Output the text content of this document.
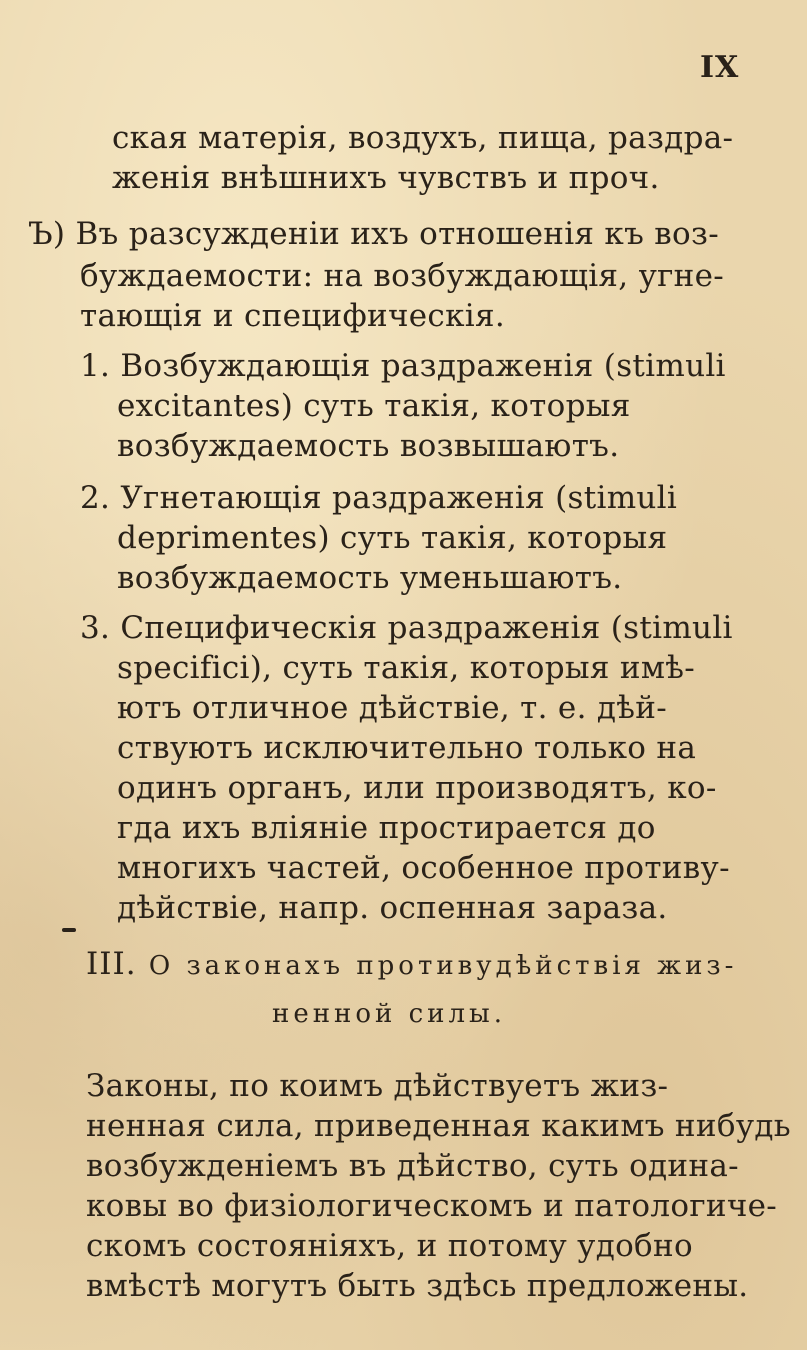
IX
ская матерія, воздухъ, пища, раздра-
женія внѣшнихъ чувствъ и проч.
Ъ) Въ разсужденіи ихъ отношенія къ воз-
буждаемости: на возбуждающія, угне-
тающія и специфическія.
1. Возбуждающія раздраженія (stimuli
excitantes) суть такія, которыя
возбуждаемость возвышаютъ.
2. Угнетающія раздраженія (stimuli
deprimentes) суть такія, которыя
возбуждаемость уменьшаютъ.
3. Специфическія раздраженія (stimuli
specifici), суть такія, которыя имѣ-
ютъ отличное дѣйствіе, т. е. дѣй-
ствуютъ исключительно только на
одинъ органъ, или производятъ, ко-
гда ихъ вліяніе простирается до
многихъ частей, особенное противу-
дѣйствіе, напр. оспенная зараза.
III. О законахъ противудѣйствія жиз-
ненной силы.
Законы, по коимъ дѣйствуетъ жиз-
ненная сила, приведенная какимъ нибудь
возбужденіемъ въ дѣйство, суть одина-
ковы во физіологическомъ и патологиче-
скомъ состояніяхъ, и потому удобно
вмѣстѣ могутъ быть здѣсь предложены.
